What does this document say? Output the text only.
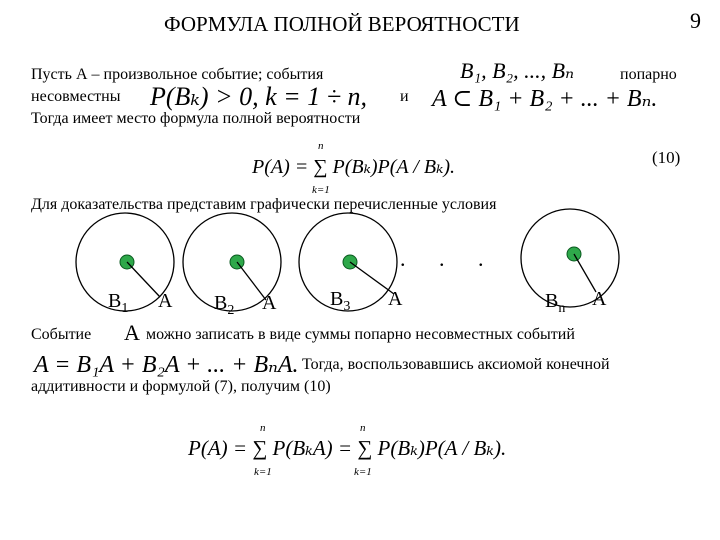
ФОРМУЛА ПОЛНОЙ ВЕРОЯТНОСТИ	9
Пусть А – произвольное событие; события	B₁, B₂, ..., Bₙ	попарно
несовместны P(Bₖ) > 0, k = 1 ÷ n, и A ⊂ B₁ + B₂ + ... + Bₙ.
Тогда имеет место формула полной вероятности
P(A) = ∑ P(Bₖ)P(A / Bₖ).
n
k=1
(10)
Для доказательства представим графически перечисленные условия
. . .
$B_1$ A $B_2$ A	$B_3$ A	$B_n$ A
Событие А можно записать в виде суммы попарно несовместных событий
A = B₁A + B₂A + ... + BₙA. Тогда, воспользовавшись аксиомой конечной
аддитивности и формулой (7), получим (10)
P(A) = ∑ P(BₖA) = ∑ P(Bₖ)P(A / Bₖ).
n
k=1
n
k=1
